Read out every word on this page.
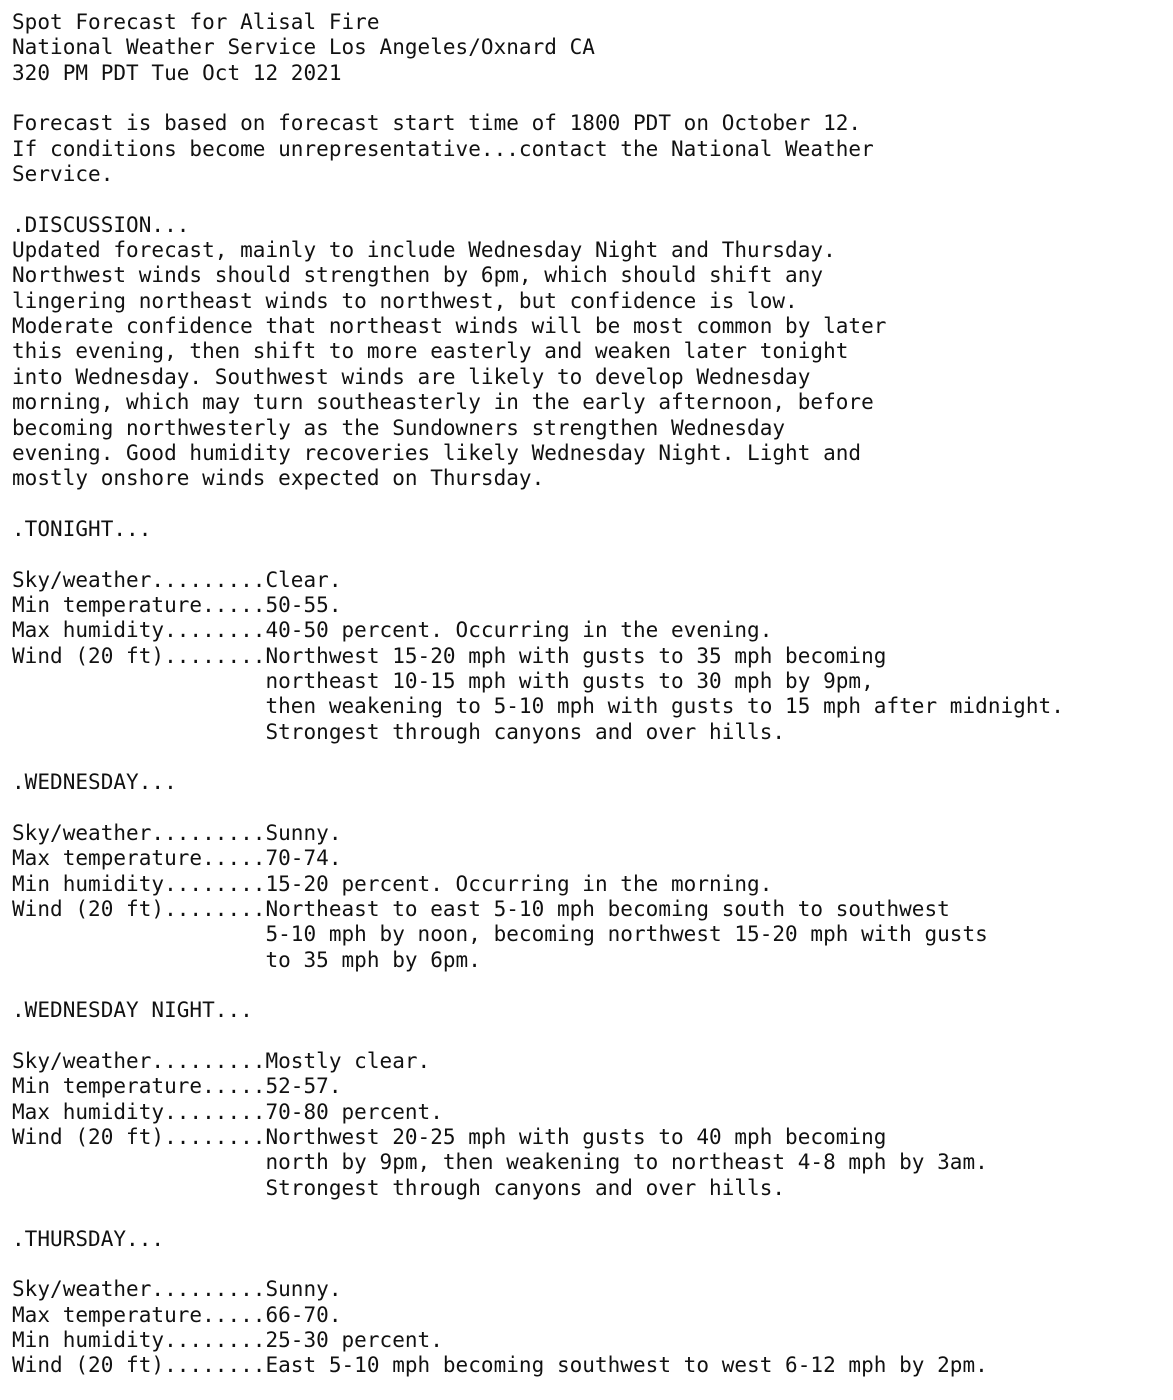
Spot Forecast for Alisal Fire
National Weather Service Los Angeles/Oxnard CA
320 PM PDT Tue Oct 12 2021
Forecast is based on forecast start time of 1800 PDT on October 12.
If conditions become unrepresentative...contact the National Weather
Service.
.DISCUSSION...
Updated forecast, mainly to include Wednesday Night and Thursday.
Northwest winds should strengthen by 6pm, which should shift any
lingering northeast winds to northwest, but confidence is low.
Moderate confidence that northeast winds will be most common by later
this evening, then shift to more easterly and weaken later tonight
into Wednesday. Southwest winds are likely to develop Wednesday
morning, which may turn southeasterly in the early afternoon, before
becoming northwesterly as the Sundowners strengthen Wednesday
evening. Good humidity recoveries likely Wednesday Night. Light and
mostly onshore winds expected on Thursday.
.TONIGHT...
Sky/weather.........Clear.
Min temperature.....50-55.
Max humidity........40-50 percent. Occurring in the evening.
Wind (20 ft)........Northwest 15-20 mph with gusts to 35 mph becoming
northeast 10-15 mph with gusts to 30 mph by 9pm,
then weakening to 5-10 mph with gusts to 15 mph after midnight.
Strongest through canyons and over hills.
.WEDNESDAY...
Sky/weather.........Sunny.
Max temperature.....70-74.
Min humidity........15-20 percent. Occurring in the morning.
Wind (20 ft)........Northeast to east 5-10 mph becoming south to southwest
5-10 mph by noon, becoming northwest 15-20 mph with gusts
to 35 mph by 6pm.
.WEDNESDAY NIGHT...
Sky/weather.........Mostly clear.
Min temperature.....52-57.
Max humidity........70-80 percent.
Wind (20 ft)........Northwest 20-25 mph with gusts to 40 mph becoming
north by 9pm, then weakening to northeast 4-8 mph by 3am.
Strongest through canyons and over hills.
.THURSDAY...
Sky/weather.........Sunny.
Max temperature.....66-70.
Min humidity........25-30 percent.
Wind (20 ft)........East 5-10 mph becoming southwest to west 6-12 mph by 2pm.
